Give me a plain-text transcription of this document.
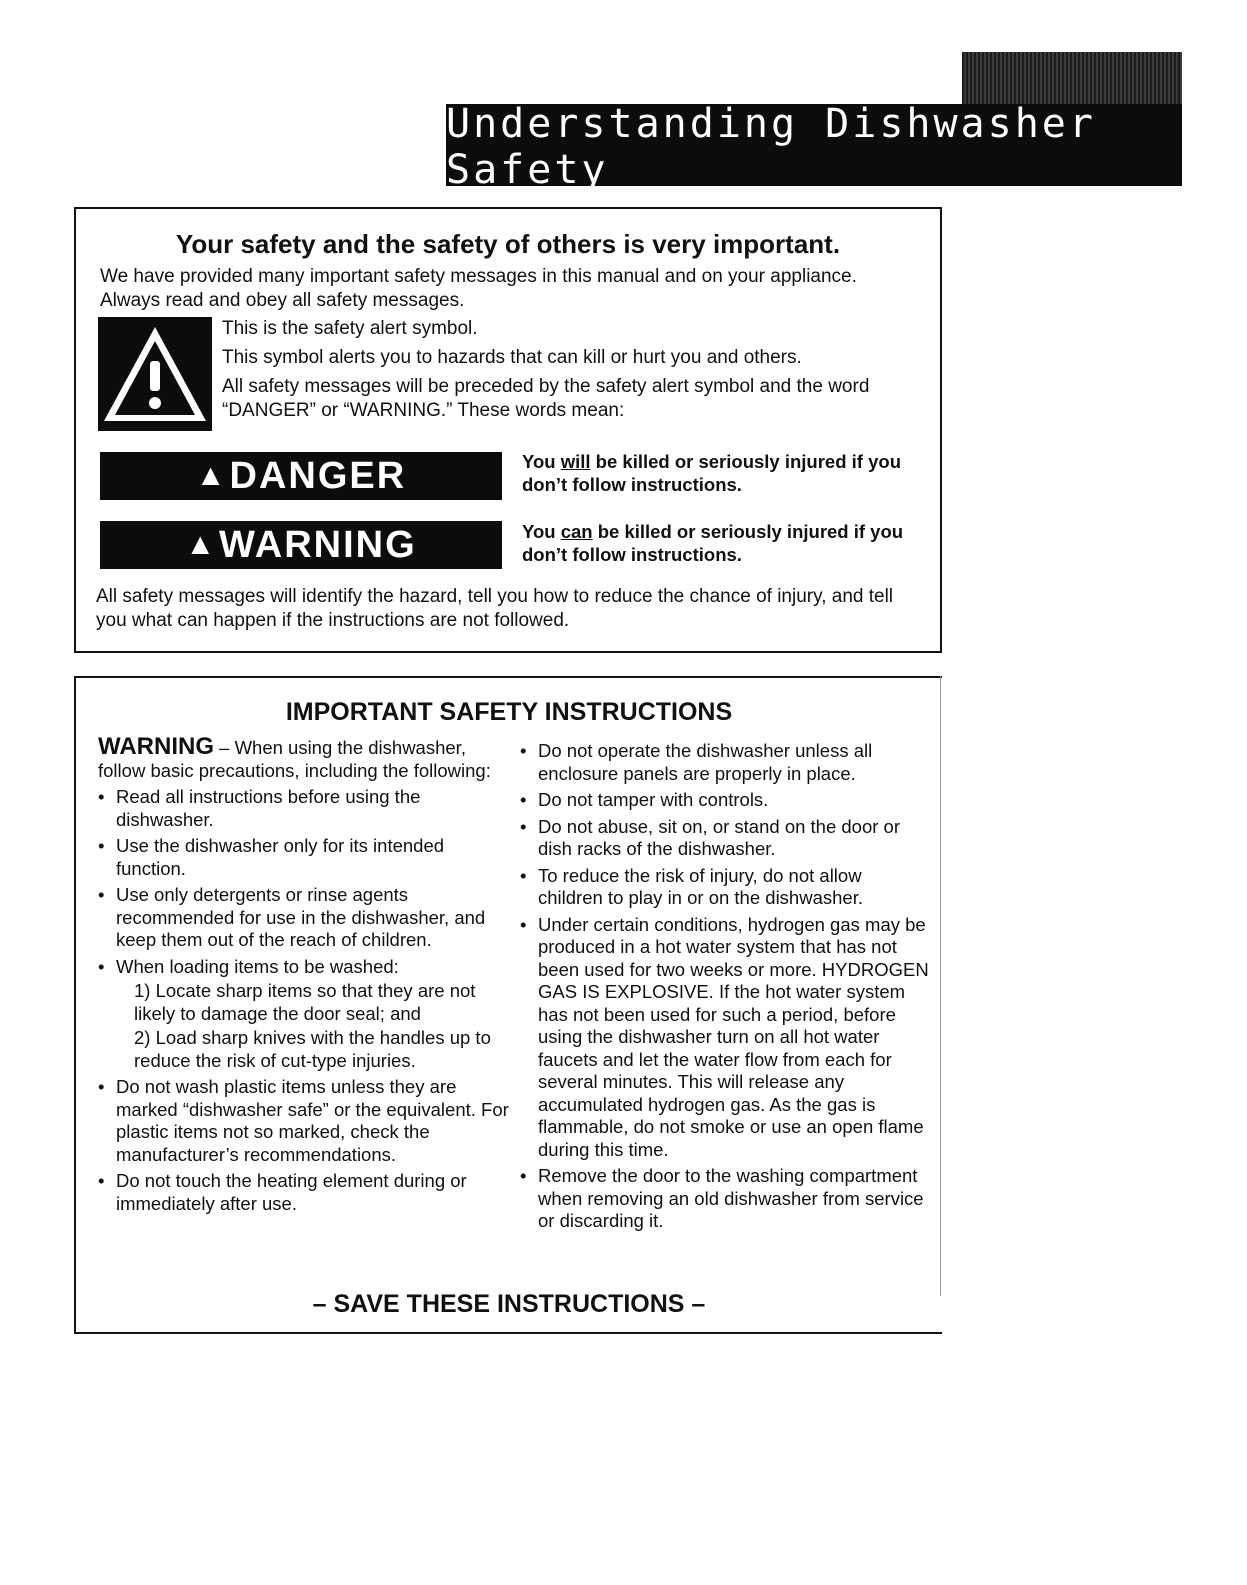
Understanding Dishwasher Safety
Your safety and the safety of others is very important.
We have provided many important safety messages in this manual and on your appliance. Always read and obey all safety messages.
This is the safety alert symbol.
This symbol alerts you to hazards that can kill or hurt you and others.
All safety messages will be preceded by the safety alert symbol and the word “DANGER” or “WARNING.” These words mean:
▲ DANGER	You will be killed or seriously injured if you don’t follow instructions.
▲ WARNING	You can be killed or seriously injured if you don’t follow instructions.
All safety messages will identify the hazard, tell you how to reduce the chance of injury, and tell you what can happen if the instructions are not followed.
IMPORTANT SAFETY INSTRUCTIONS
WARNING – When using the dishwasher, follow basic precautions, including the following:
• Read all instructions before using the dishwasher.
• Use the dishwasher only for its intended function.
• Use only detergents or rinse agents recommended for use in the dishwasher, and keep them out of the reach of children.
• When loading items to be washed:
1) Locate sharp items so that they are not likely to damage the door seal; and
2) Load sharp knives with the handles up to reduce the risk of cut-type injuries.
• Do not wash plastic items unless they are marked “dishwasher safe” or the equivalent. For plastic items not so marked, check the manufacturer’s recommendations.
• Do not touch the heating element during or immediately after use.
• Do not operate the dishwasher unless all enclosure panels are properly in place.
• Do not tamper with controls.
• Do not abuse, sit on, or stand on the door or dish racks of the dishwasher.
• To reduce the risk of injury, do not allow children to play in or on the dishwasher.
• Under certain conditions, hydrogen gas may be produced in a hot water system that has not been used for two weeks or more. HYDROGEN GAS IS EXPLOSIVE. If the hot water system has not been used for such a period, before using the dishwasher turn on all hot water faucets and let the water flow from each for several minutes. This will release any accumulated hydrogen gas. As the gas is flammable, do not smoke or use an open flame during this time.
• Remove the door to the washing compartment when removing an old dishwasher from service or discarding it.
– SAVE THESE INSTRUCTIONS –
